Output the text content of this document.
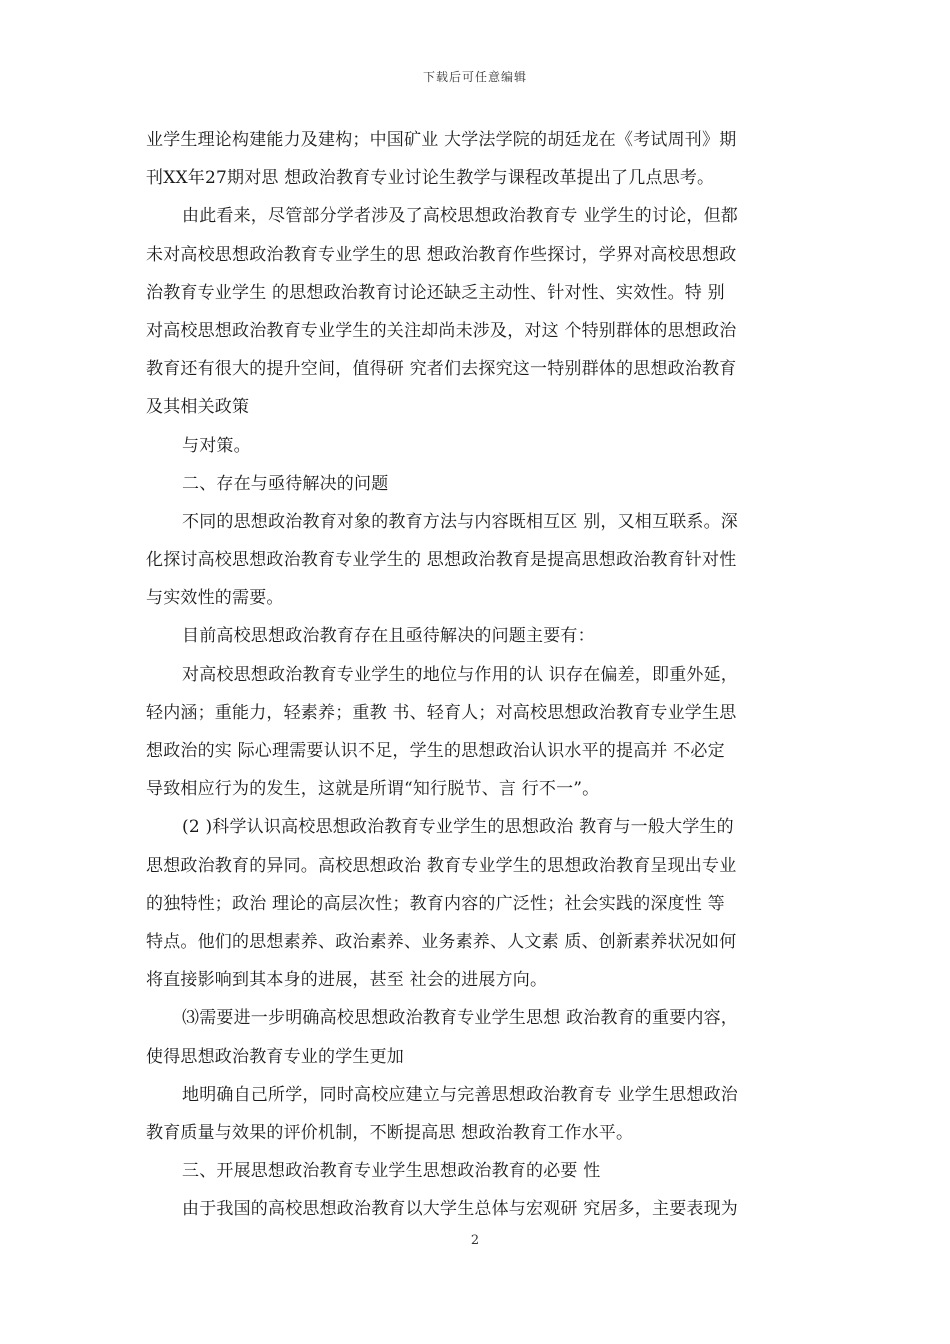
下载后可任意编辑
业学生理论构建能力及建构；中国矿业 大学法学院的胡廷龙在《考试周刊》期
刊XX年27期对思 想政治教育专业讨论生教学与课程改革提出了几点思考。
由此看来，尽管部分学者涉及了高校思想政治教育专 业学生的讨论，但都
未对高校思想政治教育专业学生的思 想政治教育作些探讨，学界对高校思想政
治教育专业学生 的思想政治教育讨论还缺乏主动性、针对性、实效性。特 别
对高校思想政治教育专业学生的关注却尚未涉及，对这 个特别群体的思想政治
教育还有很大的提升空间，值得研 究者们去探究这一特别群体的思想政治教育
及其相关政策
与对策。
二、存在与亟待解决的问题
不同的思想政治教育对象的教育方法与内容既相互区 别，又相互联系。深
化探讨高校思想政治教育专业学生的 思想政治教育是提高思想政治教育针对性
与实效性的需要。
目前高校思想政治教育存在且亟待解决的问题主要有：
对高校思想政治教育专业学生的地位与作用的认 识存在偏差，即重外延，
轻内涵；重能力，轻素养；重教 书、轻育人；对高校思想政治教育专业学生思
想政治的实 际心理需要认识不足，学生的思想政治认识水平的提高并 不必定
导致相应行为的发生，这就是所谓“知行脱节、言 行不一”。
(2 )科学认识高校思想政治教育专业学生的思想政治 教育与一般大学生的
思想政治教育的异同。高校思想政治 教育专业学生的思想政治教育呈现出专业
的独特性；政治 理论的高层次性；教育内容的广泛性；社会实践的深度性 等
特点。他们的思想素养、政治素养、业务素养、人文素 质、创新素养状况如何
将直接影响到其本身的进展，甚至 社会的进展方向。
⑶需要进一步明确高校思想政治教育专业学生思想 政治教育的重要内容，
使得思想政治教育专业的学生更加
地明确自己所学，同时高校应建立与完善思想政治教育专 业学生思想政治
教育质量与效果的评价机制，不断提高思 想政治教育工作水平。
三、开展思想政治教育专业学生思想政治教育的必要 性
由于我国的高校思想政治教育以大学生总体与宏观研 究居多，主要表现为
2
